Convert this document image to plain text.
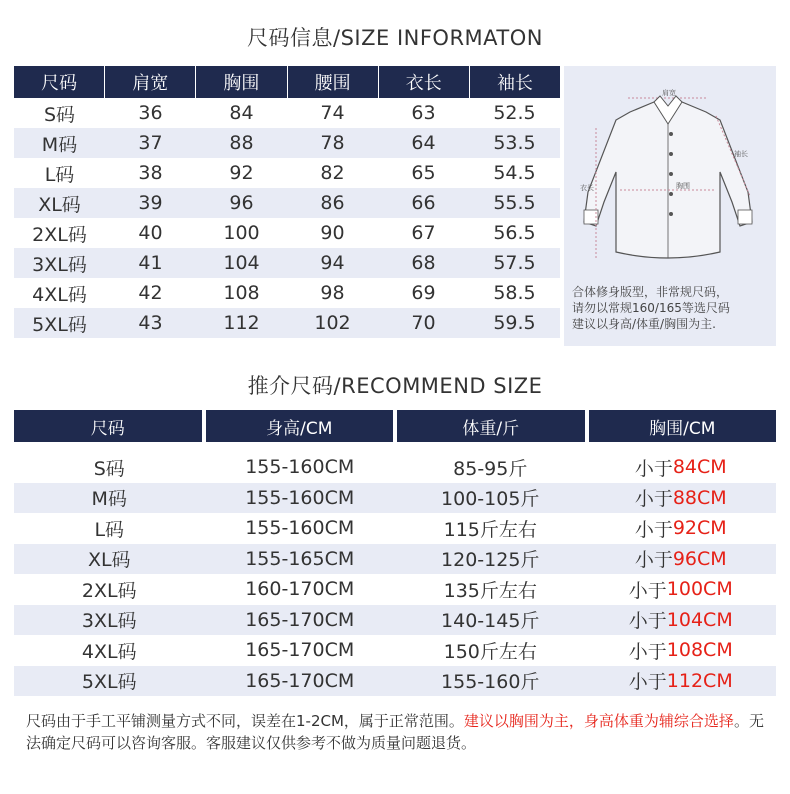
尺码信息/SIZE INFORMATON
尺码	肩宽	胸围	腰围	衣长	袖长
S码	36	84	74	63	52.5
M码	37	88	78	64	53.5
L码	38	92	82	65	54.5
XL码	39	96	86	66	55.5
2XL码	40	100	90	67	56.5
3XL码	41	104	94	68	57.5
4XL码	42	108	98	69	58.5
5XL码	43	112	102	70	59.5
肩宽
衣长
袖长
胸围
合体修身版型，非常规尺码，
请勿以常规160/165等选尺码
建议以身高/体重/胸围为主.
推介尺码/RECOMMEND SIZE
尺码	身高/CM	体重/斤	胸围/CM
S码	155-160CM	85-95斤	小于 84CM
M码	155-160CM	100-105斤	小于 88CM
L码	155-160CM	115斤左右	小于 92CM
XL码	155-165CM	120-125斤	小于 96CM
2XL码	160-170CM	135斤左右	小于 100CM
3XL码	165-170CM	140-145斤	小于 104CM
4XL码	165-170CM	150斤左右	小于 108CM
5XL码	165-170CM	155-160斤	小于 112CM
尺码由于手工平铺测量方式不同，误差在1-2CM，属于正常范围。建议以胸围为主，身高体重为辅综合选择。无法确定尺码可以咨询客服。客服建议仅供参考不做为质量问题退货。
